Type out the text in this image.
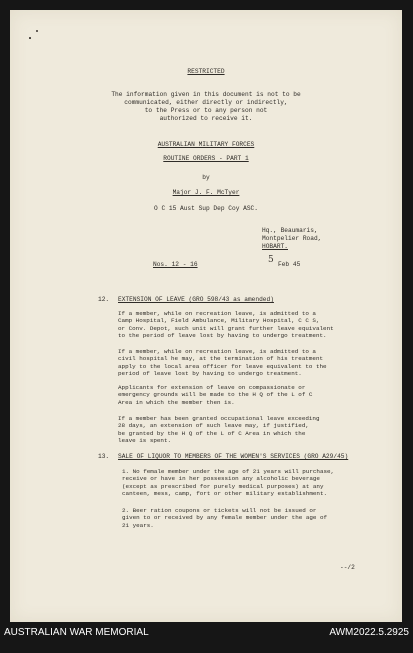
RESTRICTED
The information given in this document is not to be
communicated, either directly or indirectly,
to the Press or to any person not
authorized to receive it.
AUSTRALIAN MILITARY FORCES
ROUTINE ORDERS - PART 1
by
Major J. F. McTyer
O C 15 Aust Sup Dep Coy ASC.
Hq., Beaumaris,
Montpelier Road,
HOBART.
Nos. 12 - 16	5 Feb 45
12. EXTENSION OF LEAVE (GRO 598/43 as amended)
If a member, while on recreation leave, is admitted to a
Camp Hospital, Field Ambulance, Military Hospital, C C S,
or Conv. Depot, such unit will grant further leave equivalent
to the period of leave lost by having to undergo treatment.
If a member, while on recreation leave, is admitted to a
civil hospital he may, at the termination of his treatment
apply to the local area officer for leave equivalent to the
period of leave lost by having to undergo treatment.
Applicants for extension of leave on compassionate or
emergency grounds will be made to the H Q of the L of C
Area in which the member then is.
If a member has been granted occupational leave exceeding
28 days, an extension of such leave may, if justified,
be granted by the H Q of the L of C Area in which the
leave is spent.
13. SALE OF LIQUOR TO MEMBERS OF THE WOMEN'S SERVICES (GRO A29/45)
1. No female member under the age of 21 years will purchase,
receive or have in her possession any alcoholic beverage
(except as prescribed for purely medical purposes) at any
canteen, mess, camp, fort or other military establishment.
2. Beer ration coupons or tickets will not be issued or
given to or received by any female member under the age of
21 years.
--/2
AUSTRALIAN WAR MEMORIAL	AWM2022.5.2925
